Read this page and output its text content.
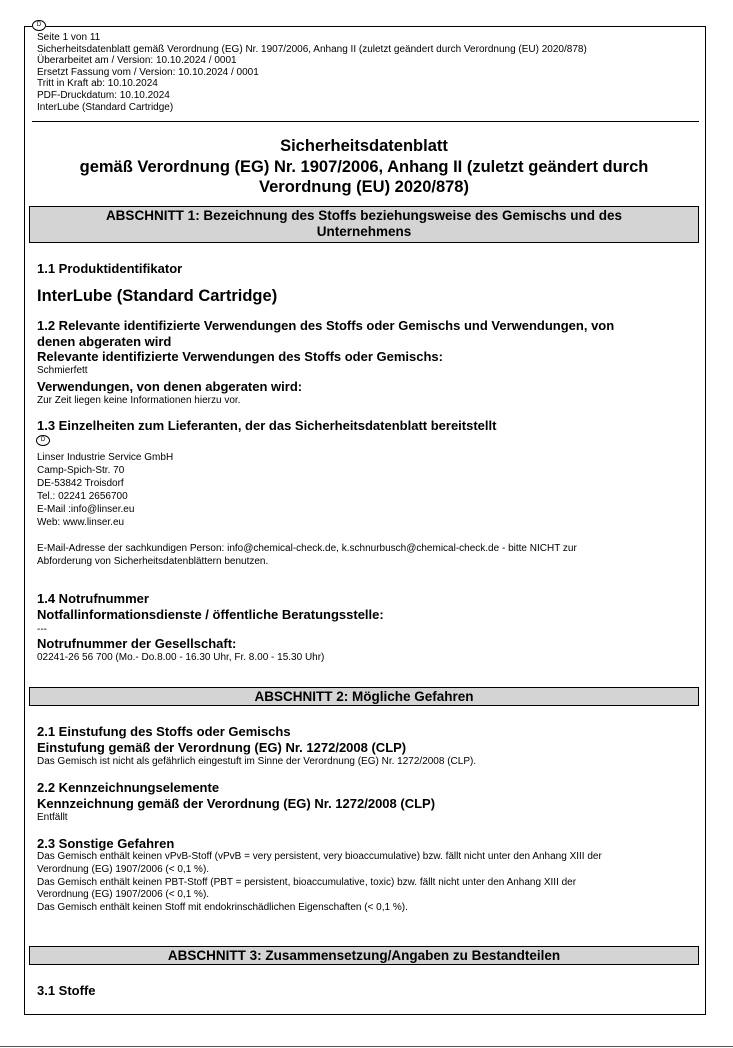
D
Seite 1 von 11
Sicherheitsdatenblatt gemäß Verordnung (EG) Nr. 1907/2006, Anhang II (zuletzt geändert durch Verordnung (EU) 2020/878)
Überarbeitet am / Version: 10.10.2024 / 0001
Ersetzt Fassung vom / Version: 10.10.2024 / 0001
Tritt in Kraft ab: 10.10.2024
PDF-Druckdatum: 10.10.2024
InterLube (Standard Cartridge)
Sicherheitsdatenblatt
gemäß Verordnung (EG) Nr. 1907/2006, Anhang II (zuletzt geändert durch
Verordnung (EU) 2020/878)
ABSCHNITT 1: Bezeichnung des Stoffs beziehungsweise des Gemischs und des
Unternehmens
1.1 Produktidentifikator
InterLube (Standard Cartridge)
1.2 Relevante identifizierte Verwendungen des Stoffs oder Gemischs und Verwendungen, von
denen abgeraten wird
Relevante identifizierte Verwendungen des Stoffs oder Gemischs:
Schmierfett
Verwendungen, von denen abgeraten wird:
Zur Zeit liegen keine Informationen hierzu vor.
1.3 Einzelheiten zum Lieferanten, der das Sicherheitsdatenblatt bereitstellt
D
Linser Industrie Service GmbH
Camp-Spich-Str. 70
DE-53842 Troisdorf
Tel.: 02241 2656700
E-Mail :info@linser.eu
Web: www.linser.eu
E-Mail-Adresse der sachkundigen Person: info@chemical-check.de, k.schnurbusch@chemical-check.de - bitte NICHT zur
Abforderung von Sicherheitsdatenblättern benutzen.
1.4 Notrufnummer
Notfallinformationsdienste / öffentliche Beratungsstelle:
---
Notrufnummer der Gesellschaft:
02241-26 56 700 (Mo.- Do.8.00 - 16.30 Uhr, Fr. 8.00 - 15.30 Uhr)
ABSCHNITT 2: Mögliche Gefahren
2.1 Einstufung des Stoffs oder Gemischs
Einstufung gemäß der Verordnung (EG) Nr. 1272/2008 (CLP)
Das Gemisch ist nicht als gefährlich eingestuft im Sinne der Verordnung (EG) Nr. 1272/2008 (CLP).
2.2 Kennzeichnungselemente
Kennzeichnung gemäß der Verordnung (EG) Nr. 1272/2008 (CLP)
Entfällt
2.3 Sonstige Gefahren
Das Gemisch enthält keinen vPvB-Stoff (vPvB = very persistent, very bioaccumulative) bzw. fällt nicht unter den Anhang XIII der
Verordnung (EG) 1907/2006 (< 0,1 %).
Das Gemisch enthält keinen PBT-Stoff (PBT = persistent, bioaccumulative, toxic) bzw. fällt nicht unter den Anhang XIII der
Verordnung (EG) 1907/2006 (< 0,1 %).
Das Gemisch enthält keinen Stoff mit endokrinschädlichen Eigenschaften (< 0,1 %).
ABSCHNITT 3: Zusammensetzung/Angaben zu Bestandteilen
3.1 Stoffe
